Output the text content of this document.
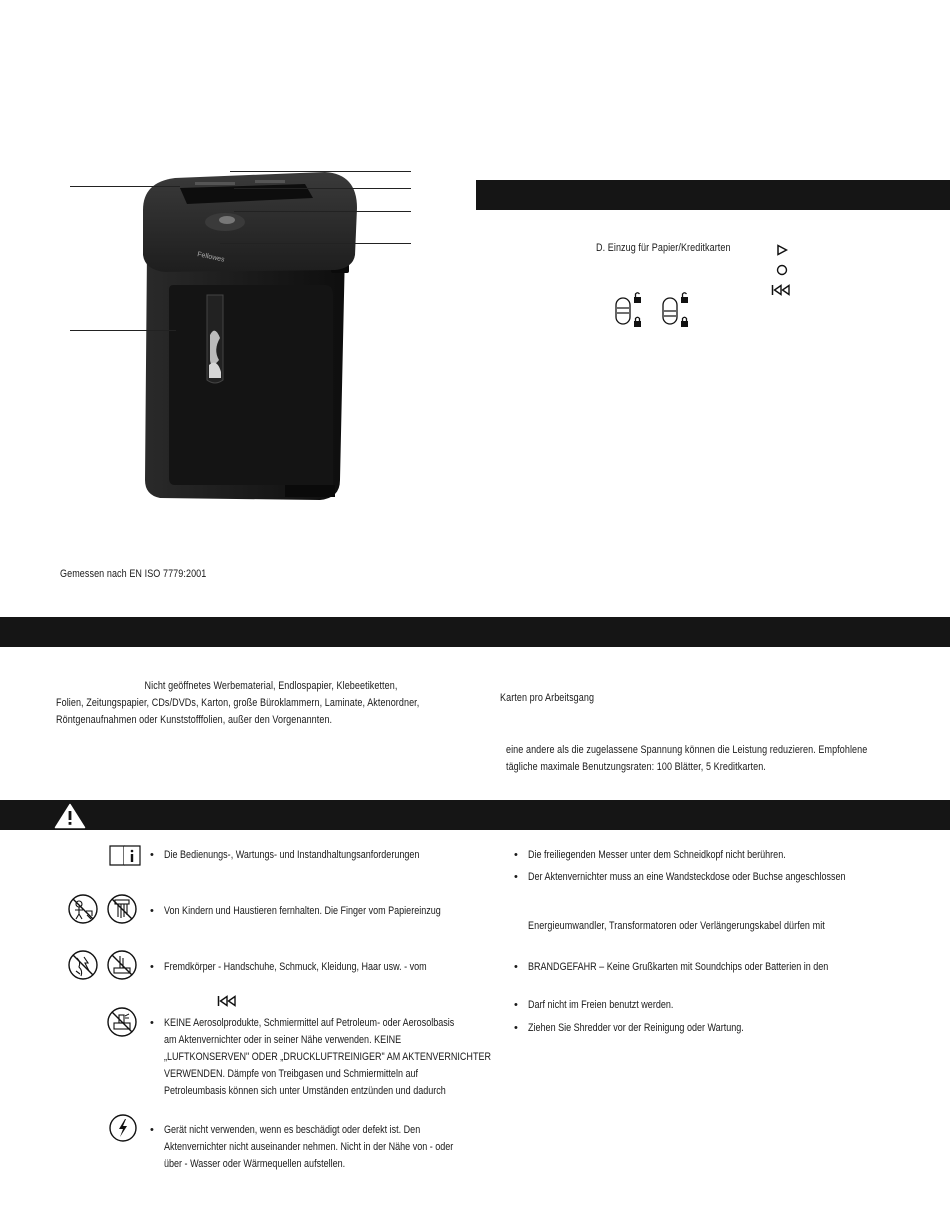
Fellowes
D. Einzug für Papier/Kreditkarten
Gemessen nach EN ISO 7779:2001
Nicht geöffnetes Werbematerial, Endlospapier, Klebeetiketten,
Folien, Zeitungspapier, CDs/DVDs, Karton, große Büroklammern, Laminate, Aktenordner,
Röntgenaufnahmen oder Kunststofffolien, außer den Vorgenannten.
Karten pro Arbeitsgang
eine andere als die zugelassene Spannung können die Leistung reduzieren. Empfohlene
tägliche maximale Benutzungsraten: 100 Blätter, 5 Kreditkarten.
• Die Bedienungs-, Wartungs- und Instandhaltungsanforderungen
• Von Kindern und Haustieren fernhalten. Die Finger vom Papiereinzug
• Fremdkörper - Handschuhe, Schmuck, Kleidung, Haar usw. - vom
• KEINE Aerosolprodukte, Schmiermittel auf Petroleum- oder Aerosolbasis
am Aktenvernichter oder in seiner Nähe verwenden. KEINE
„LUFTKONSERVEN" ODER „DRUCKLUFTREINIGER" AM AKTENVERNICHTER
VERWENDEN. Dämpfe von Treibgasen und Schmiermitteln auf
Petroleumbasis können sich unter Umständen entzünden und dadurch
• Gerät nicht verwenden, wenn es beschädigt oder defekt ist. Den
Aktenvernichter nicht auseinander nehmen. Nicht in der Nähe von - oder
über - Wasser oder Wärmequellen aufstellen.
• Die freiliegenden Messer unter dem Schneidkopf nicht berühren.
• Der Aktenvernichter muss an eine Wandsteckdose oder Buchse angeschlossen
Energieumwandler, Transformatoren oder Verlängerungskabel dürfen mit
• BRANDGEFAHR – Keine Grußkarten mit Soundchips oder Batterien in den
• Darf nicht im Freien benutzt werden.
• Ziehen Sie Shredder vor der Reinigung oder Wartung.
